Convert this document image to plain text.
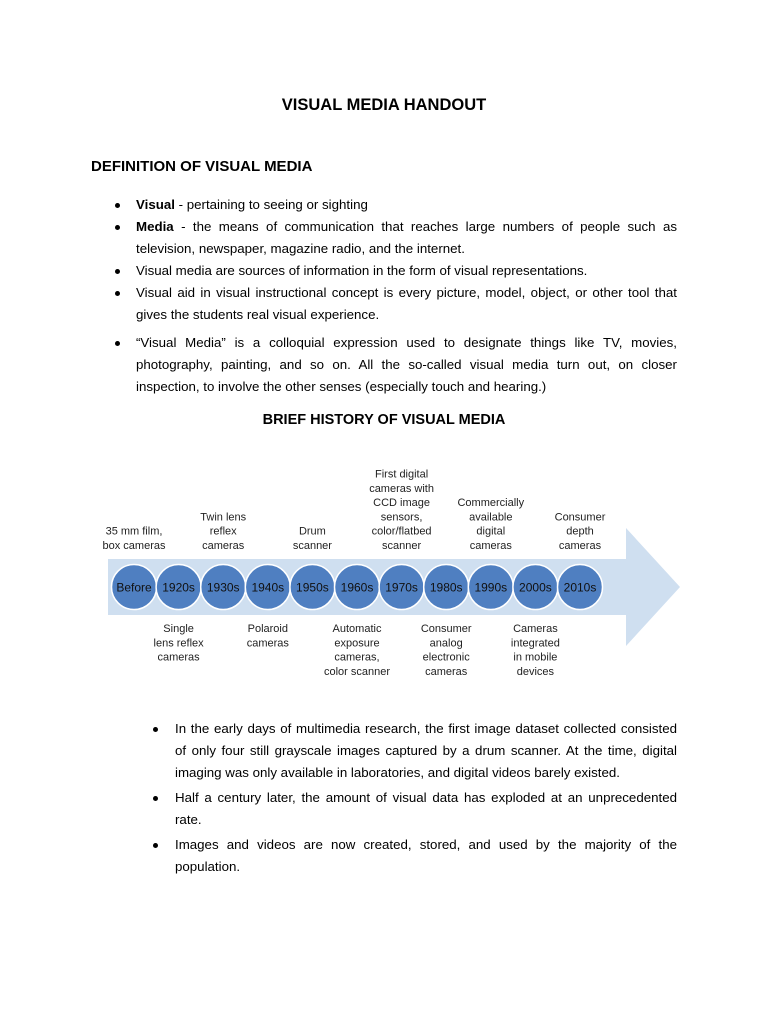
VISUAL MEDIA HANDOUT
DEFINITION OF VISUAL MEDIA
Visual - pertaining to seeing or sighting
Media - the means of communication that reaches large numbers of people such as television, newspaper, magazine radio, and the internet.
Visual media are sources of information in the form of visual representations.
Visual aid in visual instructional concept is every picture, model, object, or other tool that gives the students real visual experience.
“Visual Media” is a colloquial expression used to designate things like TV, movies, photography, painting, and so on. All the so-called visual media turn out, on closer inspection, to involve the other senses (especially touch and hearing.)
BRIEF HISTORY OF VISUAL MEDIA
Before 1920s 1930s 1940s 1950s 1960s 1970s 1980s 1990s 2000s 2010s
35 mm film, box cameras
Twin lens reflex cameras
Drum scanner
First digital cameras with CCD image sensors, color/flatbed scanner
Commercially available digital cameras
Consumer depth cameras
Single lens reflex cameras
Polaroid cameras
Automatic exposure cameras, color scanner
Consumer analog electronic cameras
Cameras integrated in mobile devices
In the early days of multimedia research, the first image dataset collected consisted of only four still grayscale images captured by a drum scanner. At the time, digital imaging was only available in laboratories, and digital videos barely existed.
Half a century later, the amount of visual data has exploded at an unprecedented rate.
Images and videos are now created, stored, and used by the majority of the population.
